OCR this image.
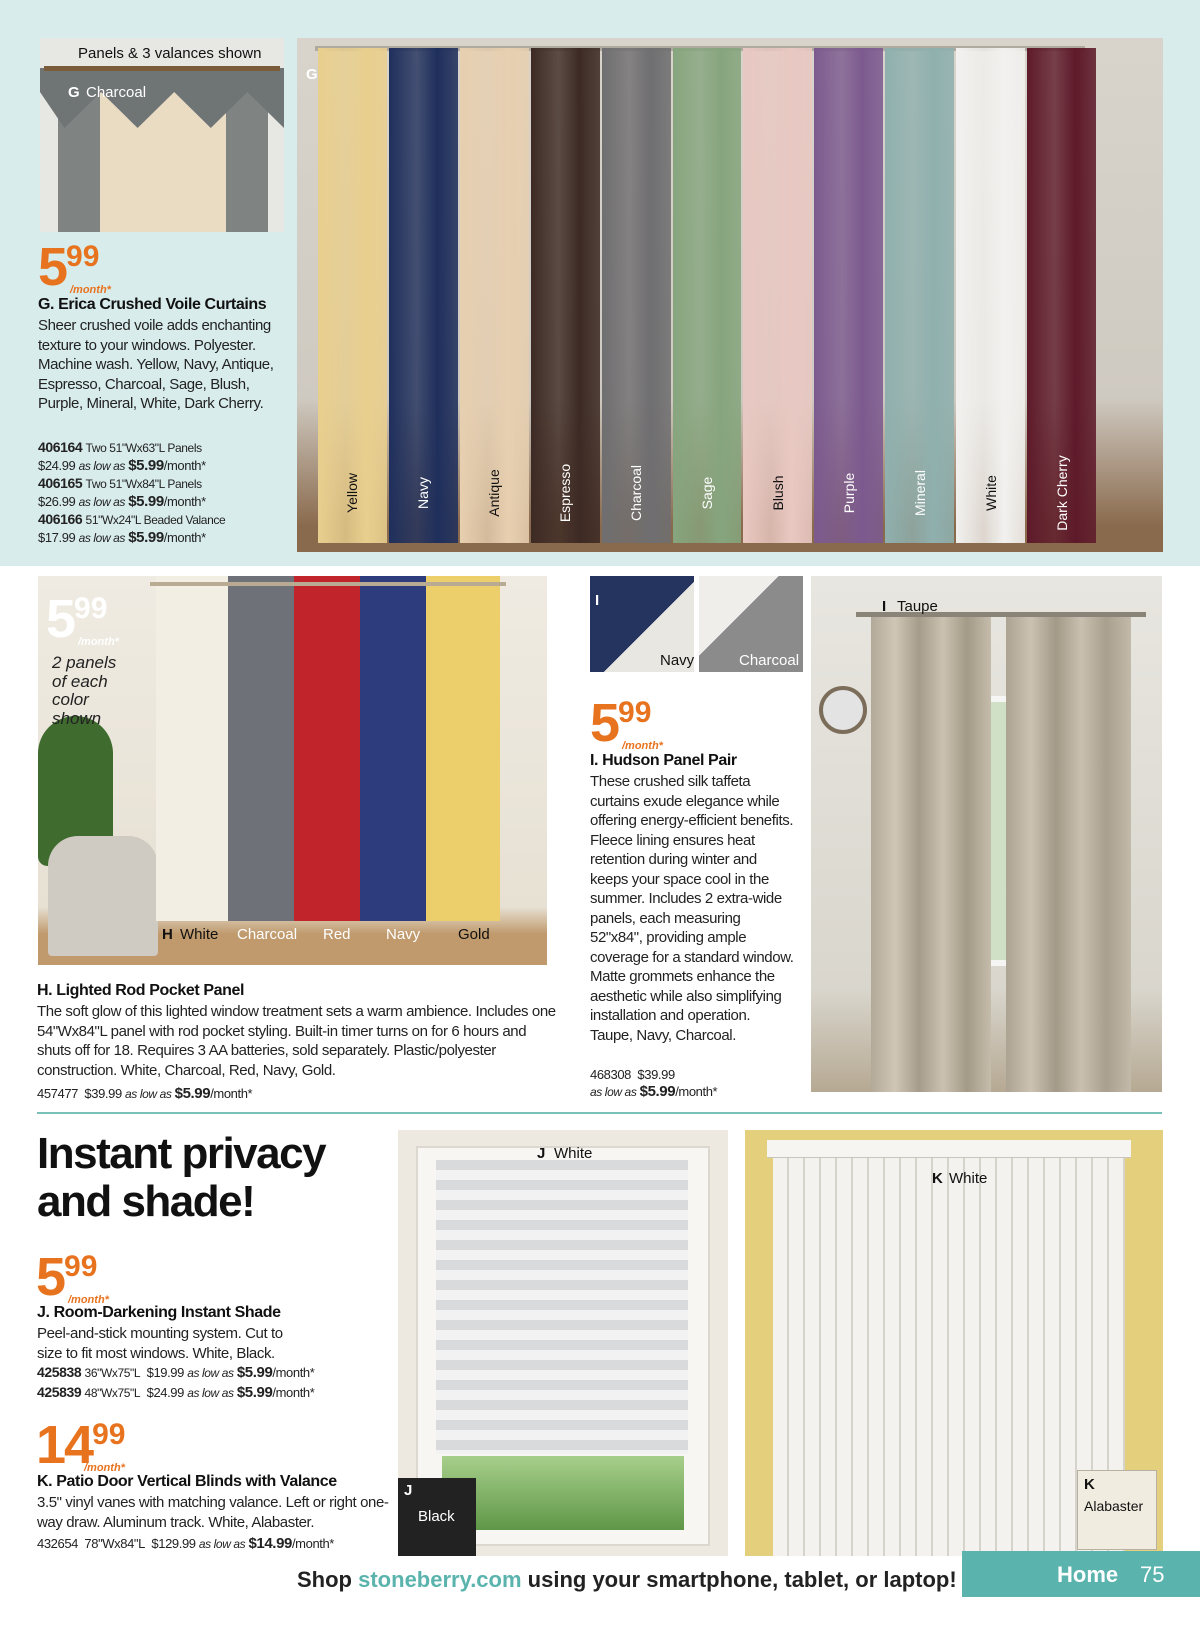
Panels & 3 valances shown
G Charcoal
G
Yellow	Navy	Antique	Espresso	Charcoal	Sage	Blush	Purple	Mineral	White	Dark Cherry
599
/month*
G. Erica Crushed Voile Curtains
Sheer crushed voile adds enchanting texture to your windows. Polyester. Machine wash. Yellow, Navy, Antique, Espresso, Charcoal, Sage, Blush, Purple, Mineral, White, Dark Cherry.
406164 Two 51"Wx63"L Panels
$24.99 as low as $5.99/month*
406165 Two 51"Wx84"L Panels
$26.99 as low as $5.99/month*
406166 51"Wx24"L Beaded Valance
$17.99 as low as $5.99/month*
599
/month*
2 panels of each color shown
H White Charcoal Red Navy	Gold
H. Lighted Rod Pocket Panel
The soft glow of this lighted window treatment sets a warm ambience. Includes one 54"Wx84"L panel with rod pocket styling. Built-in timer turns on for 6 hours and shuts off for 18. Requires 3 AA batteries, sold separately. Plastic/polyester construction. White, Charcoal, Red, Navy, Gold.
457477 $39.99 as low as $5.99/month*
I
Navy	Charcoal
I Taupe
599
/month*
I. Hudson Panel Pair
These crushed silk taffeta curtains exude elegance while offering energy-efficient benefits. Fleece lining ensures heat retention during winter and keeps your space cool in the summer. Includes 2 extra-wide panels, each measuring 52"x84", providing ample coverage for a standard window. Matte grommets enhance the aesthetic while also simplifying installation and operation. Taupe, Navy, Charcoal.
468308 $39.99
as low as $5.99/month*
Instant privacy and shade!
599
/month*
J. Room-Darkening Instant Shade
Peel-and-stick mounting system. Cut to size to fit most windows. White, Black.
425838 36"Wx75"L $19.99 as low as $5.99/month*
425839 48"Wx75"L $24.99 as low as $5.99/month*
1499
/month*
K. Patio Door Vertical Blinds with Valance
3.5" vinyl vanes with matching valance. Left or right one-way draw. Aluminum track. White, Alabaster.
432654 78"Wx84"L $129.99 as low as $14.99/month*
J White
J
Black
K White
K
Alabaster
Shop stoneberry.com using your smartphone, tablet, or laptop!	Home 75
